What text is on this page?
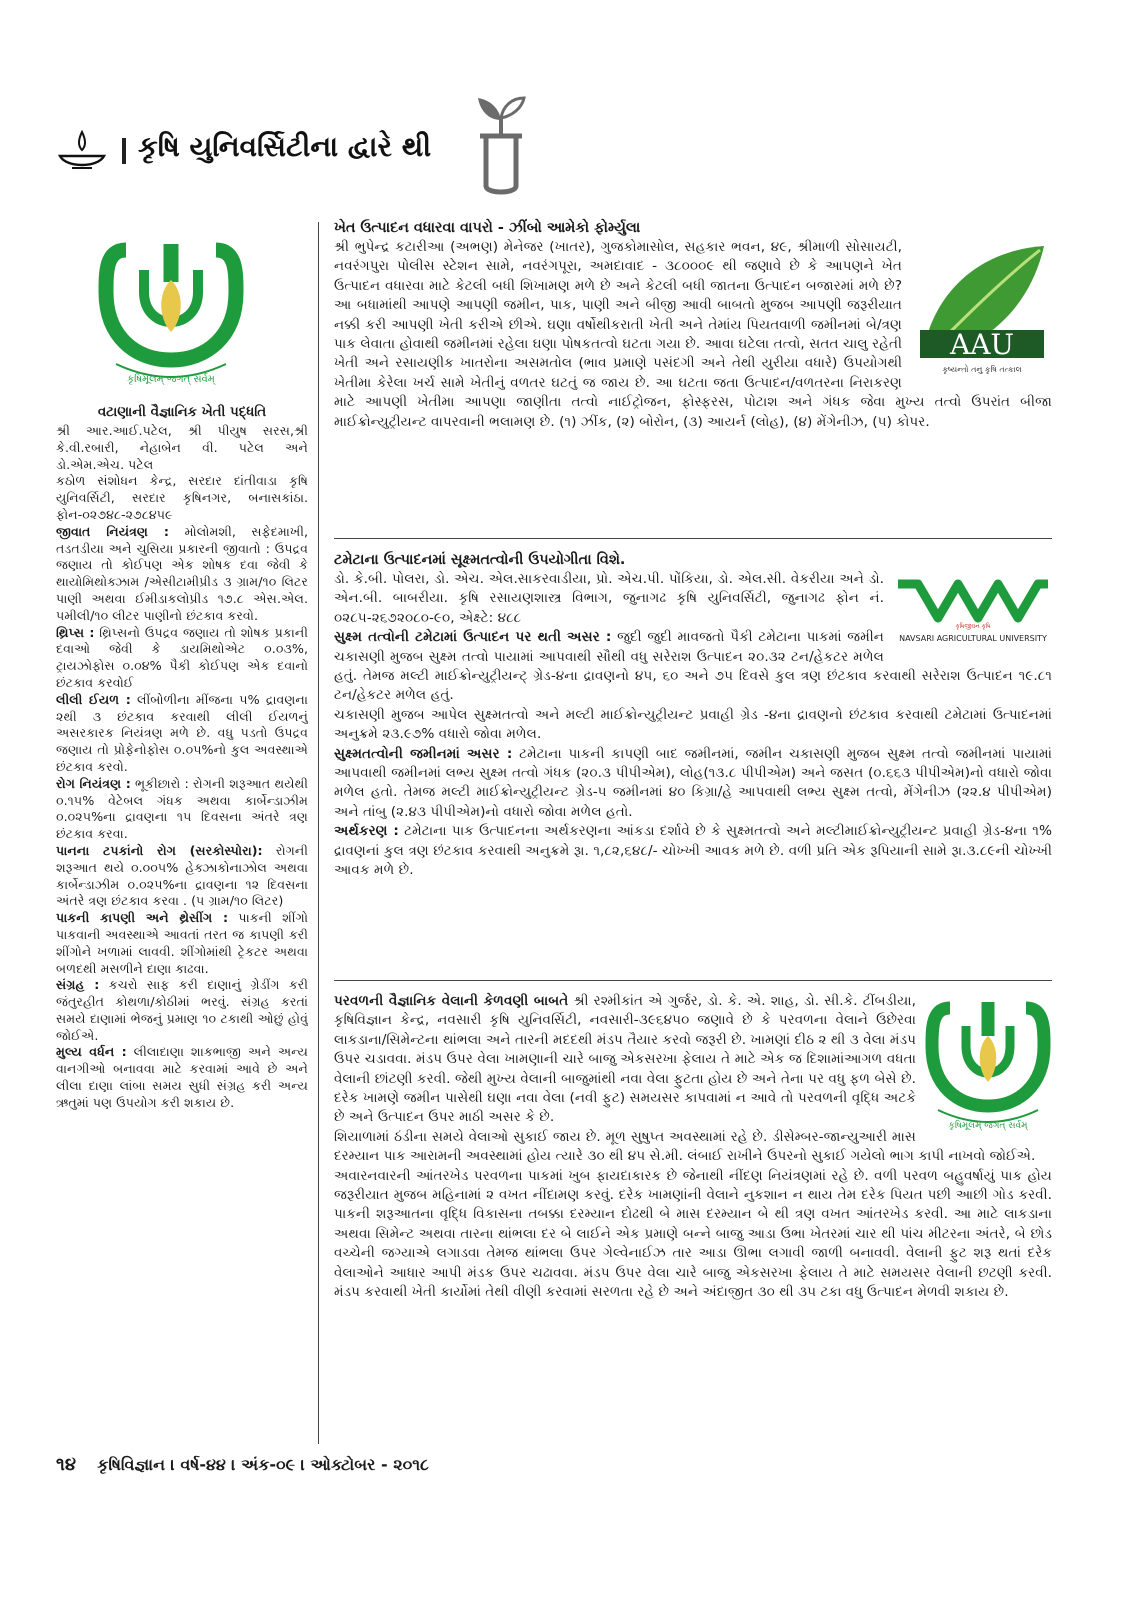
કૃષિ યુનિવર્સિટીના દ્વારે થી
કૃષિમૂલમ્ જગત્ સર્વમ્

વટાણાની વૈજ્ઞાનિક ખેતી પદ્ધતિ

શ્રી આર.આઈ.પટેલ, શ્રી પીયુષ સરસ,શ્રી કે.વી.રબારી, નેહાબેન વી. પટેલ અને ડો.એમ.એચ. પટેલ

કઠોળ સંશોધન કેન્દ્ર, સરદાર દાંતીવાડા કૃષિ યુનિવર્સિટી, સરદાર કૃષિનગર, બનાસકાંઠા. ફોન-૦૨૭૪૮-૨૭૮૪૫૯

જીવાત નિયંત્રણ : મોલોમશી, સફેદમાખી, તડતડીયા અને ચુસિયા પ્રકારની જીવાતો : ઉપદ્રવ જણાય તો કોઈપણ એક શોષક દવા જેવી કે થાયોમિથોક્ઝામ /એસીટામીપ્રીડ ૩ ગ્રામ/૧૦ લિટર પાણી અથવા ઈમીડાકલોપ્રીડ ૧૭.૮ એસ.એલ. ૫મીલી/૧૦ લીટર પાણીનો છંટકાવ કરવો.

થ્રિપ્સ : થ્રિપ્સનો ઉપદ્રવ જણાય તો શોષક પ્રકાની દવાઓ જેવી કે ડાયમિથોએટ ૦.૦૩%, ટ્રાયઝોફોસ ૦.૦૪% પૈકી કોઈપણ એક દવાનો છંટકાવ કરવોઈ

લીલી ઈયળ : લીંબોળીના મીંજના ૫% દ્રાવણના ૨થી ૩ છંટકાવ કરવાથી લીલી ઈયળનું અસરકારક નિયંત્રણ મળે છે. વધુ પડતો ઉપદ્રવ જણાય તો પ્રોફેનોફોસ ૦.૦૫%નો કુલ અવસ્થાએ છંટકાવ કરવો.

રોગ નિયંત્રણ : ભૂકીછારો : રોગની શરૂઆત થયેથી ૦.૧૫% વેટેબલ ગંધક અથવા કાર્બેન્ડાઝીમ ૦.૦૨૫%ના દ્રાવણના ૧૫ દિવસના અંતરે ત્રણ છંટકાવ કરવા.

પાનના ટપકાંનો રોગ (સરકોસ્પોરા): રોગની શરૂઆત થયે ૦.૦૦૫% હેક્ઝાકોનાઝોલ અથવા કાર્બેન્ડાઝીમ ૦.૦૨૫%ના દ્રાવણના ૧૨ દિવસના અંતરે ત્રણ છંટકાવ કરવા . (૫ ગ્રામ/૧૦ લિટર)

પાકની કાપણી અને થ્રેસીંગ : પાકની શીંગો પાકવાની અવસ્થાએ આવતાં તરત જ કાપણી કરી શીંગોને ખળામાં લાવવી. શીંગોમાંથી ટ્રેકટર અથવા બળદથી મસળીને દાણા કાઢવા.

સંગ્રહ : કચરો સાફ કરી દાણાનું ગ્રેડીંગ કરી જંતુરહીત કોથળા/કોઠીમાં ભરવું. સંગ્રહ કરતાં સમયે દાણામાં ભેજનું પ્રમાણ ૧૦ ટકાથી ઓછું હોવું જોઈએ.

મુલ્ય વર્ધન : લીલાદાણા શાકભાજી અને અન્ય વાનગીઓ બનાવવા માટે કરવામાં આવે છે અને લીલા દાણા લાંબા સમય સુધી સંગ્રહ કરી અન્ય ઋતુમાં પણ ઉપયોગ કરી શકાય છે.

ખેત ઉત્પાદન વધારવા વાપરો - ઝીંબો આમેકો ફોર્મ્યુલા

AAU
કૃષ્યન્તો તનુ કૃષિ તત્કાલ

શ્રી ભુપેન્દ્ર કટારીઆ (અભણ) મેનેજર (ખાતર), ગુજકોમાસોલ, સહકાર ભવન, ૪૯, શ્રીમાળી સોસાયટી, નવરંગપુરા પોલીસ સ્ટેશન સામે, નવરંગપૂરા, અમદાવાદ - ૩૮૦૦૦૯ થી જણાવે છે કે આપણને ખેત ઉત્પાદન વધારવા માટે કેટલી બધી શિખામણ મળે છે અને કેટલી બધી જાતના ઉત્પાદન બજારમાં મળે છે? આ બધામાંથી આપણે આપણી જમીન, પાક, પાણી અને બીજી આવી બાબતો મુજબ આપણી જરૂરીયાત નક્કી કરી આપણી ખેતી કરીએ છીએ. ઘણા વર્ષોથીકરાતી ખેતી અને તેમાંય પિયતવાળી જમીનમાં બે/ત્રણ પાક લેવાતા હોવાથી જમીનમાં રહેલા ઘણા પોષકતત્વો ઘટતા ગયા છે. આવા ઘટેલા તત્વો, સતત ચાલુ રહેતી ખેતી અને રસાયણીક ખાતરોના અસમતોલ (ભાવ પ્રમાણે પસંદગી અને તેથી યુરીયા વધારે) ઉપયોગથી ખેતીમા કેરેલા ખર્ચ સામે ખેતીનું વળતર ઘટતું જ જાય છે. આ ઘટતા જતા ઉત્પાદન/વળતરના નિરાકરણ માટે આપણી ખેતીમા આપણા જાણીતા તત્વો નાઈટ્રોજન, ફોસ્ફરસ, પોટાશ અને ગંધક જેવા મુખ્ય તત્વો ઉપરાંત બીજા માઈક્રોન્યુટ્રીયન્ટ વાપરવાની ભલામણ છે. (૧) ઝીંક, (૨) બોરોન, (૩) આયર્ન (લોહ), (૪) મેંગેનીઝ, (૫) કોપર.

ટમેટાના ઉત્પાદનમાં સૂક્ષ્મતત્વોની ઉપયોગીતા વિશે.

કૃષિજીવન કૃષિ
NAVSARI AGRICULTURAL UNIVERSITY

ડો. કે.બી. પોલરા, ડો. એચ. એલ.સાકરવાડીયા, પ્રો. એચ.પી. પોંકિયા, ડો. એલ.સી. વેકરીયા અને ડો. એન.બી. બાબરીયા. કૃષિ રસાયણશાસ્ત્ર વિભાગ, જુનાગઢ કૃષિ યુનિવર્સિટી, જુનાગઢ ફોન નં. ૦૨૮૫-૨૬૭૨૦૮૦-૯૦, એક્ષ્ટે: ૪૮૮

સુક્ષ્મ તત્વોની ટમેટામાં ઉત્પાદન પર થતી અસર : જુદી જુદી માવજતો પૈકી ટમેટાના પાકમાં જમીન ચકાસણી મુજબ સુક્ષ્મ તત્વો પાયામાં આપવાથી સૌથી વધુ સરેરાશ ઉત્પાદન ૨૦.૩૨ ટન/હેકટર મળેલ હતું. તેમજ મલ્ટી માઈક્રોન્યુટ્રીયન્ટ્ ગ્રેડ-૪ના દ્રાવણનો ૪૫, ૬૦ અને ૭૫ દિવસે કુલ ત્રણ છંટકાવ કરવાથી સરેરાશ ઉત્પાદન ૧૯.૮૧ ટન/હેકટર મળેલ હતું.

ચકાસણી મુજબ આપેલ સુક્ષ્મતત્વો અને મલ્ટી માઈક્રોન્યુટ્રીયન્ટ પ્રવાહી ગ્રેડ -૪ના દ્રાવણનો છંટકાવ કરવાથી ટમેટામાં ઉત્પાદનમાં અનુક્રમે ૨૩.૯૭% વધારો જોવા મળેલ.

સુક્ષ્મતત્વોની જમીનમાં અસર : ટમેટાના પાકની કાપણી બાદ જમીનમાં, જમીન ચકાસણી મુજબ સુક્ષ્મ તત્વો જમીનમાં પાયામાં આપવાથી જમીનમાં લભ્ય સુક્ષ્મ તત્વો ગંધક (૨૦.૩ પીપીએમ), લોહ(૧૩.૮ પીપીએમ) અને જસત (૦.૬૬૩ પીપીએમ)નો વધારો જોવા મળેલ હતો. તેમજ મલ્ટી માઈક્રોન્યુટ્રીયન્ટ ગ્રેડ-૫ જમીનમાં ૪૦ કિગ્રા/હે આપવાથી લભ્ય સુક્ષ્મ તત્વો, મેંગેનીઝ (૨૨.૪ પીપીએમ) અને તાંબુ (૨.૪૩ પીપીએમ)નો વધારો જોવા મળેલ હતો.

અર્થકરણ : ટમેટાના પાક ઉત્પાદનના અર્થકરણના આંકડા દર્શાવે છે કે સુક્ષ્મતત્વો અને મલ્ટીમાઈક્રોન્યુટ્રીયન્ટ પ્રવાહી ગ્રેડ-૪ના ૧% દ્રાવણનાં કુલ ત્રણ છંટકાવ કરવાથી અનુક્રમે રૂા. ૧,૮૨,૬૪૮/- ચોખ્ખી આવક મળે છે. વળી પ્રતિ એક રૂપિયાની સામે રૂા.૩.૮૯ની ચોખ્ખી આવક મળે છે.

કૃષિમૂલમ્ જગત્ સર્વમ્

પરવળની વૈજ્ઞાનિક વેલાની કેળવણી બાબતે શ્રી રશ્મીકાંત એ ગુર્જર, ડો. કે. એ. શાહ, ડો. સી.કે. ટીંબડીયા, કૃષિવિજ્ઞાન કેન્દ્ર, નવસારી કૃષિ યુનિવર્સિટી, નવસારી-૩૯૬૪૫૦ જણાવે છે કે પરવળના વેલાને ઉછેરવા લાકડાના/સિમેન્ટના થાંભલા અને તારની મદદથી મંડપ તૈયાર કરવો જરૂરી છે. ખામણાં દીઠ ૨ થી ૩ વેલા મંડપ ઉપર ચડાવવા. મંડપ ઉપર વેલા ખામણાની ચારે બાજુ એકસરખા ફેલાય તે માટે એક જ દિશામાંઆગળ વધતા વેલાની છાંટણી કરવી. જેથી મુખ્ય વેલાની બાજુમાંથી નવા વેલા ફુટતા હોય છે અને તેના પર વધુ ફળ બેસે છે. દરેક ખામણે જમીન પાસેથી ઘણા નવા વેલા (નવી ફુટ) સમયસર કાપવામાં ન આવે તો પરવળની વૃદ્ધિ અટકે છે અને ઉત્પાદન ઉપર માઠી અસર કે છે.

શિયાળામાં ઠંડીના સમયે વેલાઓ સુકાઈ જાય છે. મૂળ સુષુપ્ત અવસ્થામાં રહે છે. ડીસેમ્બર-જાન્યુઆરી માસ દરમ્યાન પાક આરામની અવસ્થામાં હોય ત્યારે ૩૦ થી ૪૫ સે.મી. લંબાઈ રાખીને ઉપરનો સુકાઈ ગયેલો ભાગ કાપી નાખવો જોઈએ.

અવારનવારની આંતરખેડ પરવળના પાકમાં ખુબ ફાયદાકારક છે જેનાથી નીંદણ નિયંત્રણમાં રહે છે. વળી પરવળ બહુવર્ષાયું પાક હોય જરૂરીયાત મુજબ મહિનામાં ૨ વખત નીંદામણ કરવું. દરેક ખામણાંની વેલાને નુકશાન ન થાય તેમ દરેક પિયત પછી આછી ગોડ કરવી. પાકની શરૂઆતના વૃદ્ધિ વિકાસના તબક્કા દરમ્યાન દોઢથી બે માસ દરમ્યાન બે થી ત્રણ વખત આંતરખેડ કરવી. આ માટે લાકડાના અથવા સિમેન્ટ અથવા તારના થાંભલા દર બે લાઈને એક પ્રમાણે બન્ને બાજુ આડા ઉભા ખેતરમાં ચાર થી પાંચ મીટરના અંતરે, બે છોડ વચ્ચેની જગ્યાએ લગાડવા તેમજ થાંભલા ઉપર ગેલ્વેનાઈઝ તાર આડા ઊભા લગાવી જાળી બનાવવી. વેલાની ફુટ શરૂ થતાં દરેક વેલાઓને આધાર આપી મંડક ઉપર ચઢાવવા. મંડપ ઉપર વેલા ચારે બાજુ એકસરખા ફેલાય તે માટે સમયસર વેલાની છટણી કરવી. મંડપ કરવાથી ખેતી કાર્યોમાં તેથી વીણી કરવામાં સરળતા રહે છે અને અંદાજીત ૩૦ થી ૩૫ ટકા વધુ ઉત્પાદન મેળવી શકાય છે.

૧૪ કૃષિવિજ્ઞાન । વર્ષ-૪૪ । અંક-૦૯ । ઓક્ટોબર - ૨૦૧૮
